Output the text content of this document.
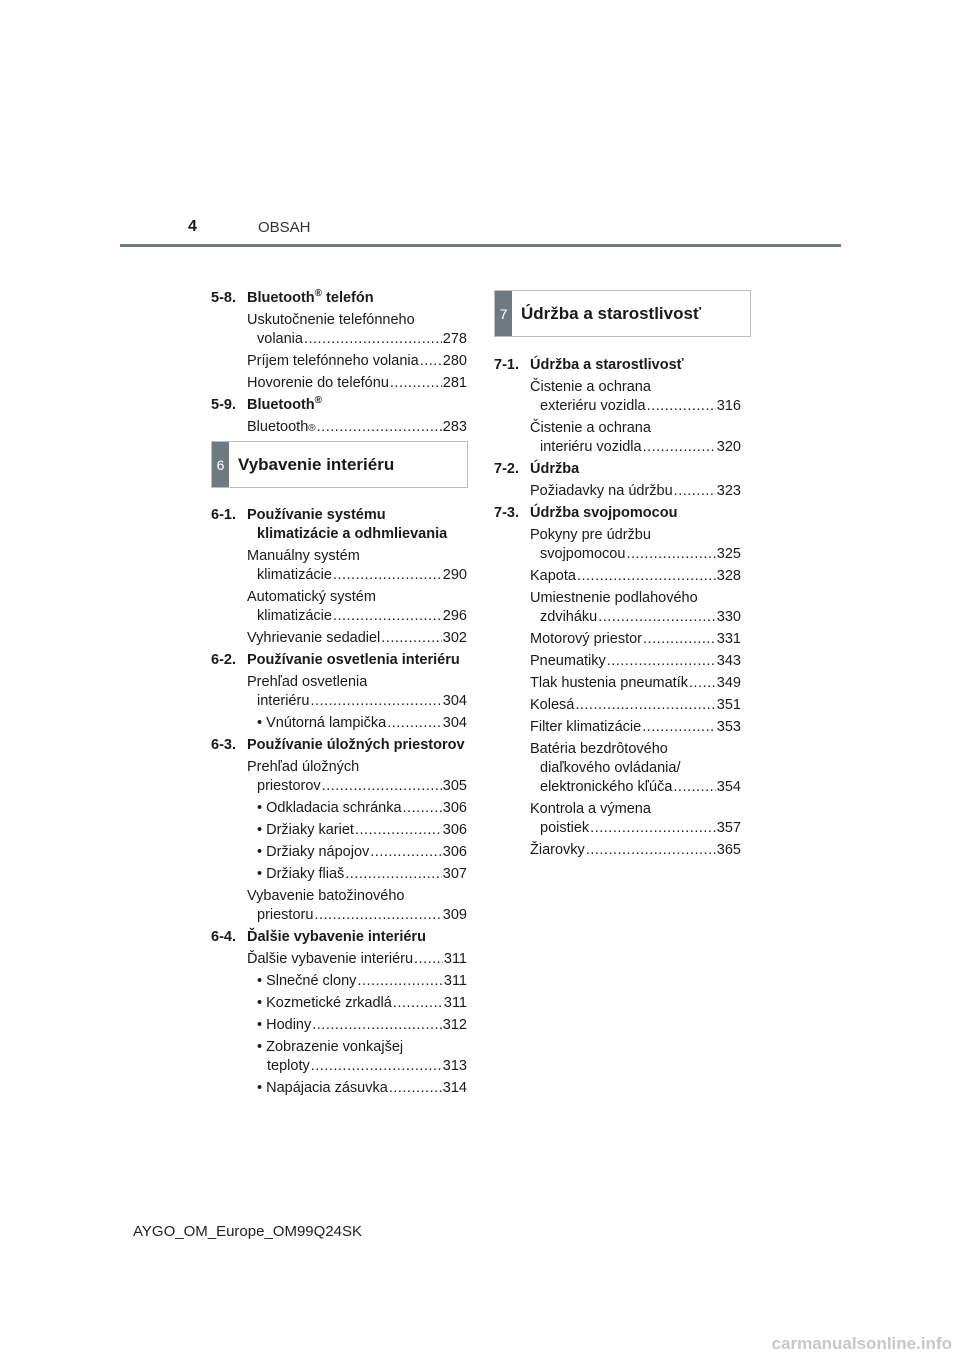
4	OBSAH
5-8. Bluetooth® telefón
Uskutočnenie telefónneho
volania .....	278
Príjem telefónneho volania ..... 280
Hovorenie do telefónu .....	281
5-9. Bluetooth®
Bluetooth ® .....	283
6 Vybavenie interiéru
6-1. Používanie systému
klimatizácie a odhmlievania
Manuálny systém
klimatizácie .....	290
Automatický systém
klimatizácie .....	296
Vyhrievanie sedadiel .....	302
6-2. Používanie osvetlenia interiéru
Prehľad osvetlenia
interiéru .....	304
• Vnútorná lampička .....	304
6-3. Používanie úložných priestorov
Prehľad úložných
priestorov .....	305
• Odkladacia schránka .....	306
• Držiaky kariet .....	306
• Držiaky nápojov .....	306
• Držiaky fliaš .....	307
Vybavenie batožinového
priestoru .....	309
6-4. Ďalšie vybavenie interiéru
Ďalšie vybavenie interiéru ..... 311
• Slnečné clony .....	311
• Kozmetické zrkadlá .....	311
• Hodiny .....	312
• Zobrazenie vonkajšej
teploty .....	313
• Napájacia zásuvka .....	314
7 Údržba a starostlivosť
7-1. Údržba a starostlivosť
Čistenie a ochrana
exteriéru vozidla .....	316
Čistenie a ochrana
interiéru vozidla .....	320
7-2. Údržba
Požiadavky na údržbu .....	323
7-3. Údržba svojpomocou
Pokyny pre údržbu
svojpomocou .....	325
Kapota .....	328
Umiestnenie podlahového
zdviháku .....	330
Motorový priestor .....	331
Pneumatiky .....	343
Tlak hustenia pneumatík ..... 349
Kolesá .....	351
Filter klimatizácie .....	353
Batéria bezdrôtového
diaľkového ovládania/
elektronického kľúča .....	354
Kontrola a výmena
poistiek .....	357
Žiarovky .....	365
AYGO_OM_Europe_OM99Q24SK
carmanualsonline.info
